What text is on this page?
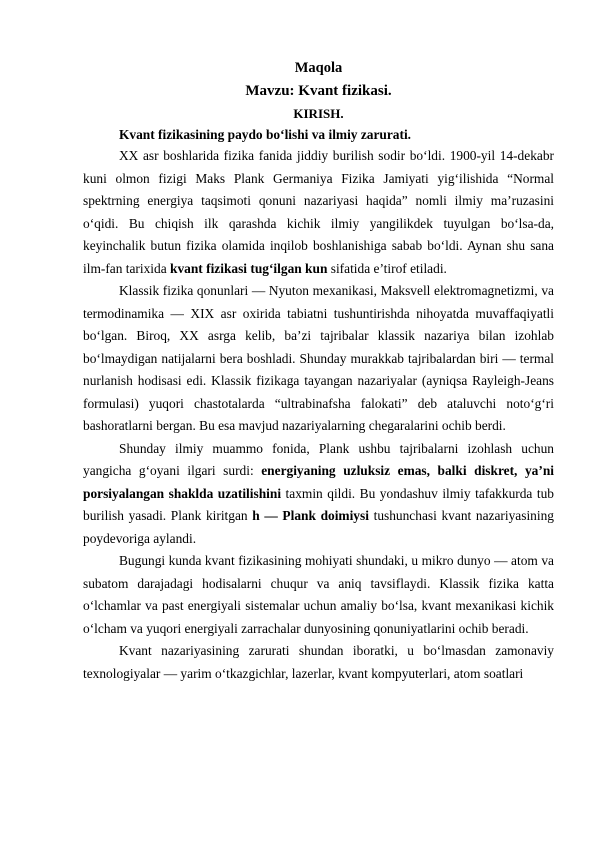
Maqola
Mavzu: Kvant fizikasi.
KIRISH.
Kvant fizikasining paydo bo‘lishi va ilmiy zarurati.

XX asr boshlarida fizika fanida jiddiy burilish sodir bo‘ldi. 1900-yil 14-dekabr kuni olmon fizigi Maks Plank Germaniya Fizika Jamiyati yig‘ilishida “Normal spektrning energiya taqsimoti qonuni nazariyasi haqida” nomli ilmiy ma’ruzasini o‘qidi. Bu chiqish ilk qarashda kichik ilmiy yangilikdek tuyulgan bo‘lsa-da, keyinchalik butun fizika olamida inqilob boshlanishiga sabab bo‘ldi. Aynan shu sana ilm-fan tarixida kvant fizikasi tug‘ilgan kun sifatida e’tirof etiladi.

Klassik fizika qonunlari — Nyuton mexanikasi, Maksvell elektromagnetizmi, va termodinamika — XIX asr oxirida tabiatni tushuntirishda nihoyatda muvaffaqiyatli bo‘lgan. Biroq, XX asrga kelib, ba’zi tajribalar klassik nazariya bilan izohlab bo‘lmaydigan natijalarni bera boshladi. Shunday murakkab tajribalardan biri — termal nurlanish hodisasi edi. Klassik fizikaga tayangan nazariyalar (ayniqsa Rayleigh-Jeans formulasi) yuqori chastotalarda “ultrabinafsha falokati” deb ataluvchi noto‘g‘ri bashoratlarni bergan. Bu esa mavjud nazariyalarning chegaralarini ochib berdi.

Shunday ilmiy muammo fonida, Plank ushbu tajribalarni izohlash uchun yangicha g‘oyani ilgari surdi: energiyaning uzluksiz emas, balki diskret, ya’ni porsiyalangan shaklda uzatilishini taxmin qildi. Bu yondashuv ilmiy tafakkurda tub burilish yasadi. Plank kiritgan h — Plank doimiysi tushunchasi kvant nazariyasining poydevoriga aylandi.

Bugungi kunda kvant fizikasining mohiyati shundaki, u mikro dunyo — atom va subatom darajadagi hodisalarni chuqur va aniq tavsiflaydi. Klassik fizika katta o‘lchamlar va past energiyali sistemalar uchun amaliy bo‘lsa, kvant mexanikasi kichik o‘lcham va yuqori energiyali zarrachalar dunyosining qonuniyatlarini ochib beradi.

Kvant nazariyasining zarurati shundan iboratki, u bo‘lmasdan zamonaviy texnologiyalar — yarim o‘tkazgichlar, lazerlar, kvant kompyuterlari, atom soatlari
